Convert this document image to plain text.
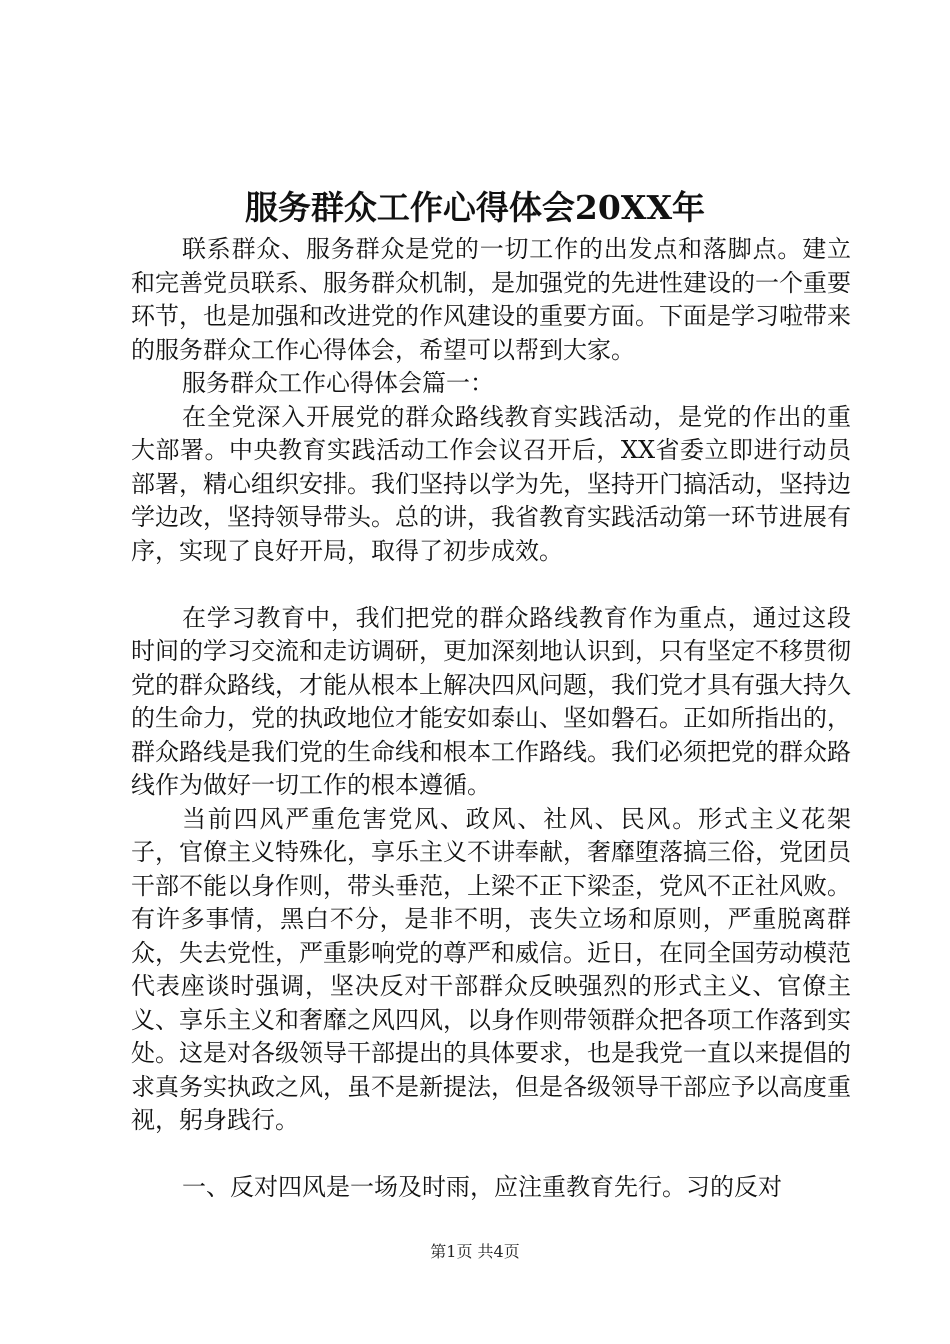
服务群众工作心得体会20XX年

联系群众、服务群众是党的一切工作的出发点和落脚点。建立和完善党员联系、服务群众机制，是加强党的先进性建设的一个重要环节，也是加强和改进党的作风建设的重要方面。下面是学习啦带来的服务群众工作心得体会，希望可以帮到大家。

服务群众工作心得体会篇一：

在全党深入开展党的群众路线教育实践活动，是党的作出的重大部署。中央教育实践活动工作会议召开后，XX省委立即进行动员部署，精心组织安排。我们坚持以学为先，坚持开门搞活动，坚持边学边改，坚持领导带头。总的讲，我省教育实践活动第一环节进展有序，实现了良好开局，取得了初步成效。

在学习教育中，我们把党的群众路线教育作为重点，通过这段时间的学习交流和走访调研，更加深刻地认识到，只有坚定不移贯彻党的群众路线，才能从根本上解决四风问题，我们党才具有强大持久的生命力，党的执政地位才能安如泰山、坚如磐石。正如所指出的，群众路线是我们党的生命线和根本工作路线。我们必须把党的群众路线作为做好一切工作的根本遵循。

当前四风严重危害党风、政风、社风、民风。形式主义花架子，官僚主义特殊化，享乐主义不讲奉献，奢靡堕落搞三俗，党团员干部不能以身作则，带头垂范，上梁不正下梁歪，党风不正社风败。有许多事情，黑白不分，是非不明，丧失立场和原则，严重脱离群众，失去党性，严重影响党的尊严和威信。近日，在同全国劳动模范代表座谈时强调，坚决反对干部群众反映强烈的形式主义、官僚主义、享乐主义和奢靡之风四风，以身作则带领群众把各项工作落到实处。这是对各级领导干部提出的具体要求，也是我党一直以来提倡的求真务实执政之风，虽不是新提法，但是各级领导干部应予以高度重视，躬身践行。

一、反对四风是一场及时雨，应注重教育先行。习的反对

第1页 共4页
